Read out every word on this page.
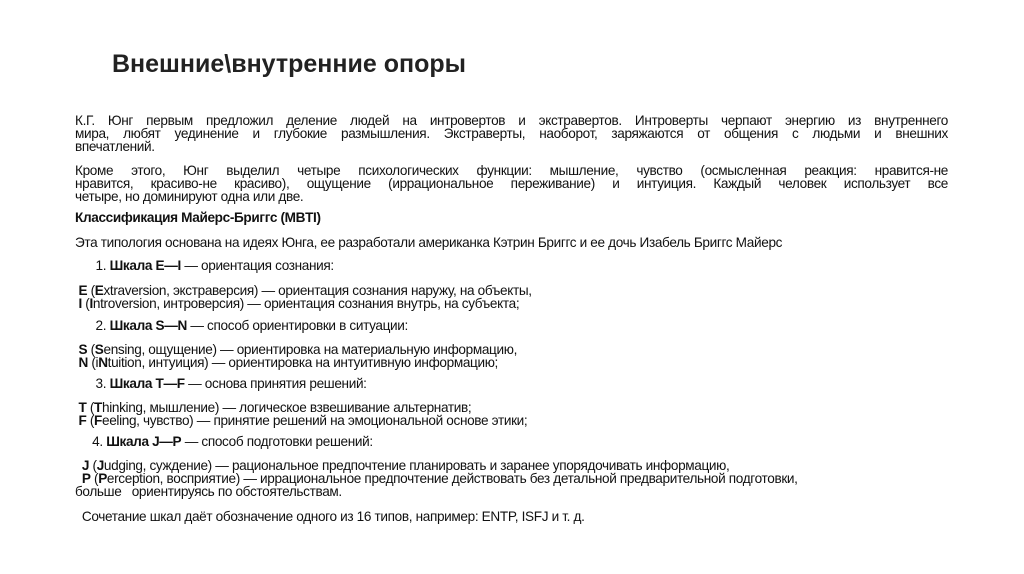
Внешние\внутренние опоры
К.Г. Юнг первым предложил деление людей на интровертов и экстравертов. Интроверты черпают энергию из внутреннего
мира, любят уединение и глубокие размышления. Экстраверты, наоборот, заряжаются от общения с людьми и внешних
впечатлений.
Кроме этого, Юнг выделил четыре психологических функции: мышление, чувство (осмысленная реакция: нравится-не
нравится, красиво-не красиво), ощущение (иррациональное переживание) и интуиция. Каждый человек использует все
четыре, но доминируют одна или две.
Классификация Майерс-Бриггс (MBTI)
Эта типология основана на идеях Юнга, ее разработали американка Кэтрин Бриггс и ее дочь Изабель Бриггс Майерс
1. Шкала E—I — ориентация сознания:
E (Extraversion, экстраверсия) — ориентация сознания наружу, на объекты,
I (Introversion, интроверсия) — ориентация сознания внутрь, на субъекта;
2. Шкала S—N — способ ориентировки в ситуации:
S (Sensing, ощущение) — ориентировка на материальную информацию,
N (iNtuition, интуиция) — ориентировка на интуитивную информацию;
3. Шкала T—F — основа принятия решений:
T (Thinking, мышление) — логическое взвешивание альтернатив;
F (Feeling, чувство) — принятие решений на эмоциональной основе этики;
4. Шкала J—P — способ подготовки решений:
J (Judging, суждение) — рациональное предпочтение планировать и заранее упорядочивать информацию,
P (Perception, восприятие) — иррациональное предпочтение действовать без детальной предварительной подготовки,
больше   ориентируясь по обстоятельствам.
Сочетание шкал даёт обозначение одного из 16 типов, например: ENTP, ISFJ и т. д.
